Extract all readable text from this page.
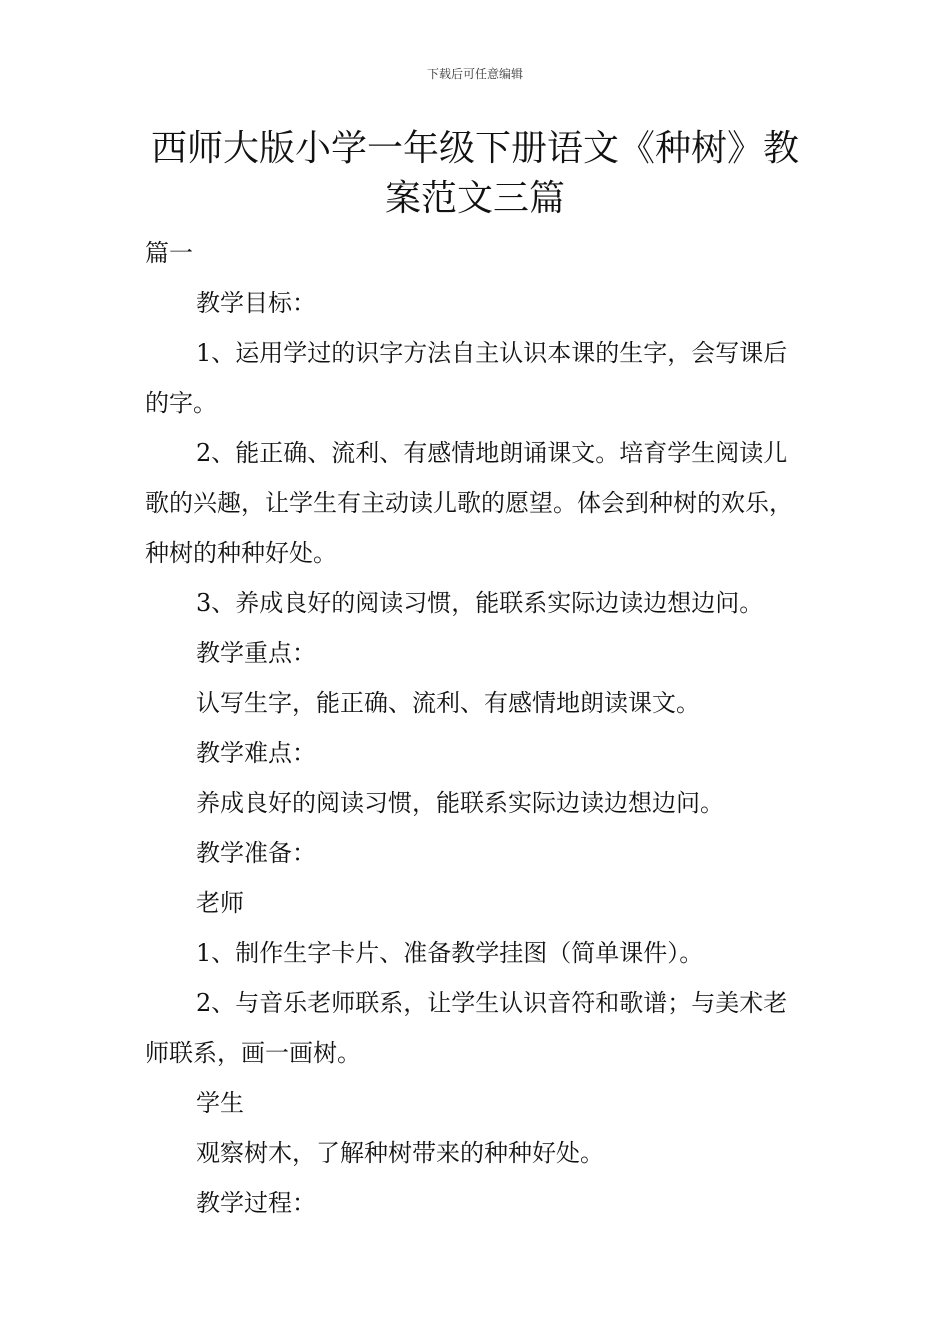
下载后可任意编辑
西师大版小学一年级下册语文《种树》教案范文三篇

篇一

教学目标：

1、运用学过的识字方法自主认识本课的生字，会写课后的字。

2、能正确、流利、有感情地朗诵课文。培育学生阅读儿歌的兴趣，让学生有主动读儿歌的愿望。体会到种树的欢乐，种树的种种好处。

3、养成良好的阅读习惯，能联系实际边读边想边问。

教学重点：

认写生字，能正确、流利、有感情地朗读课文。

教学难点：

养成良好的阅读习惯，能联系实际边读边想边问。

教学准备：

老师

1、制作生字卡片、准备教学挂图（简单课件）。

2、与音乐老师联系，让学生认识音符和歌谱；与美术老师联系，画一画树。

学生

观察树木，了解种树带来的种种好处。

教学过程：
